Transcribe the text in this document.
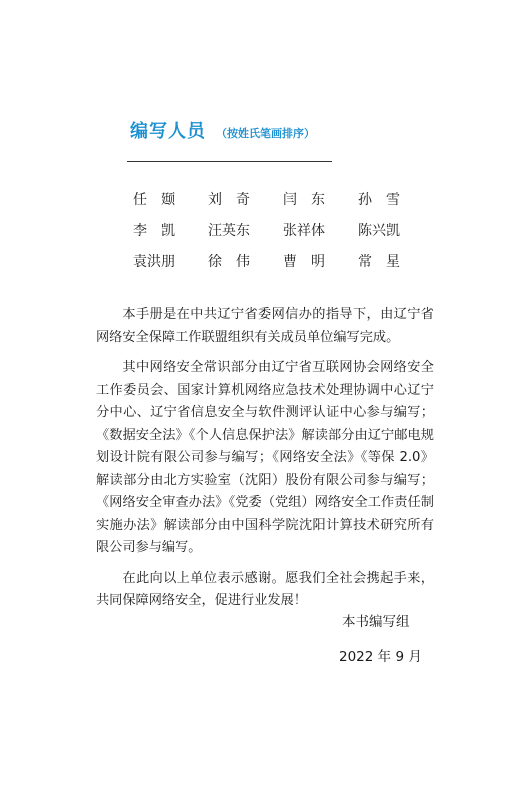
编写人员 （按姓氏笔画排序）
任　颋	刘　奇	闫　东	孙　雪
李　凯	汪英东	张祥体	陈兴凯
袁洪朋	徐　伟	曹　明	常　星

本手册是在中共辽宁省委网信办的指导下，由辽宁省网络安全保障工作联盟组织有关成员单位编写完成。

其中网络安全常识部分由辽宁省互联网协会网络安全工作委员会、国家计算机网络应急技术处理协调中心辽宁分中心、辽宁省信息安全与软件测评认证中心参与编写；《数据安全法》《个人信息保护法》解读部分由辽宁邮电规划设计院有限公司参与编写；《网络安全法》《等保 2.0》解读部分由北方实验室（沈阳）股份有限公司参与编写；《网络安全审查办法》《党委（党组）网络安全工作责任制实施办法》解读部分由中国科学院沈阳计算技术研究所有限公司参与编写。

在此向以上单位表示感谢。愿我们全社会携起手来，共同保障网络安全，促进行业发展！

本书编写组
2022 年 9 月
